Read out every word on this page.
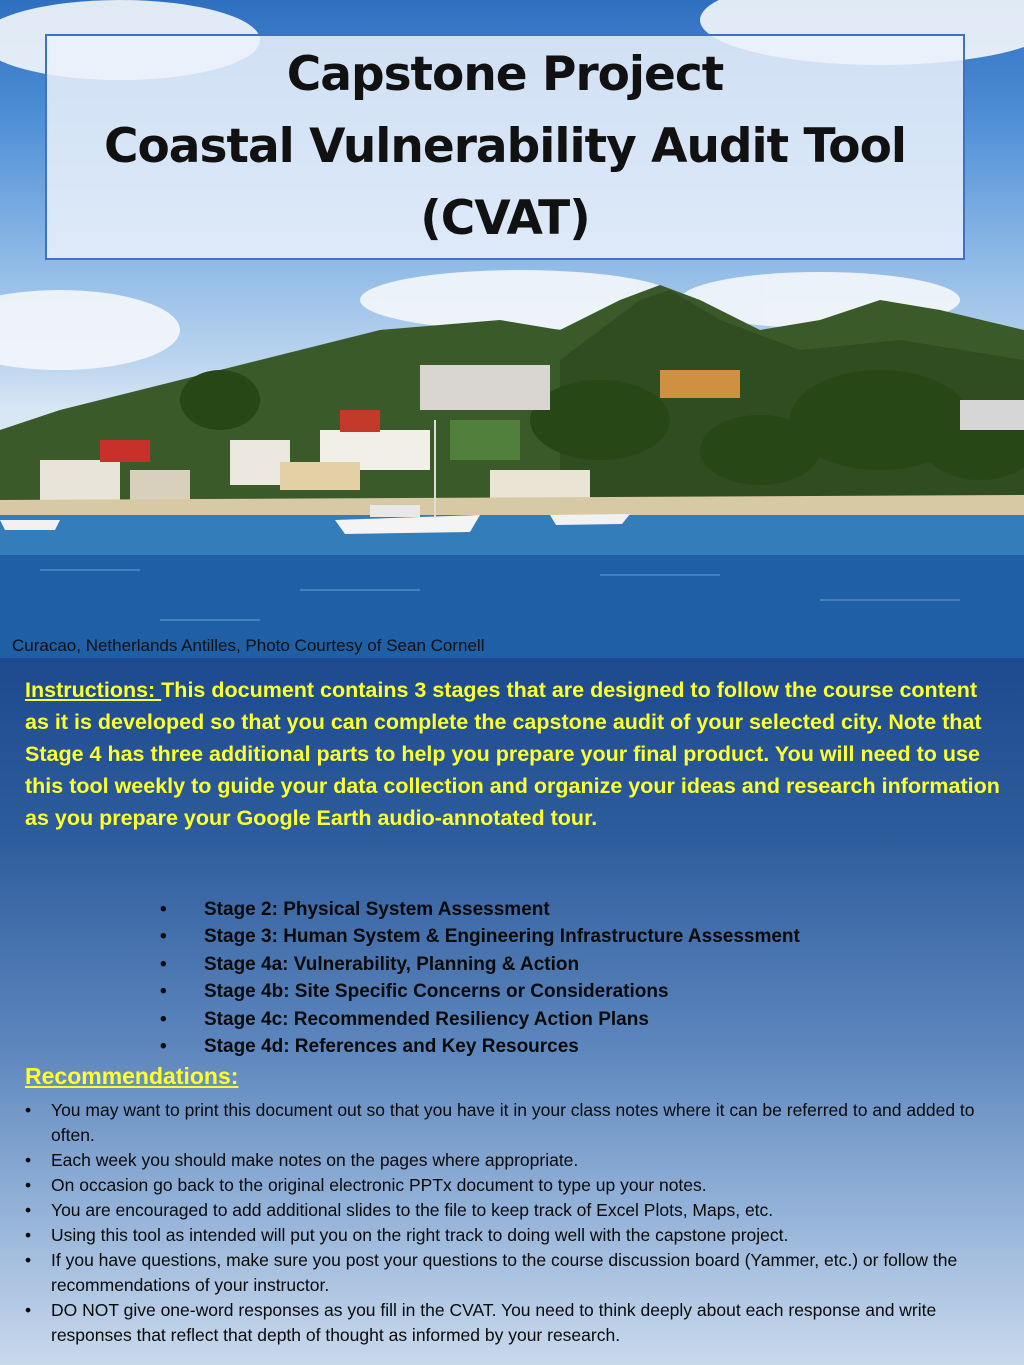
Capstone Project
Coastal Vulnerability Audit Tool
(CVAT)
Curacao, Netherlands Antilles, Photo Courtesy of Sean Cornell
Instructions: This document contains 3 stages that are designed to follow the course content as it is developed so that you can complete the capstone audit of your selected city. Note that Stage 4 has three additional parts to help you prepare your final product. You will need to use this tool weekly to guide your data collection and organize your ideas and research information as you prepare your Google Earth audio-annotated tour.
•	Stage 2: Physical System Assessment
•	Stage 3: Human System & Engineering Infrastructure Assessment
•	Stage 4a: Vulnerability, Planning & Action
•	Stage 4b: Site Specific Concerns or Considerations
•	Stage 4c: Recommended Resiliency Action Plans
•	Stage 4d: References and Key Resources
Recommendations:
•	You may want to print this document out so that you have it in your class notes where it can be referred to and added to often.
•	Each week you should make notes on the pages where appropriate.
•	On occasion go back to the original electronic PPTx document to type up your notes.
•	You are encouraged to add additional slides to the file to keep track of Excel Plots, Maps, etc.
•	Using this tool as intended will put you on the right track to doing well with the capstone project.
•	If you have questions, make sure you post your questions to the course discussion board (Yammer, etc.) or follow the recommendations of your instructor.
•	DO NOT give one-word responses as you fill in the CVAT. You need to think deeply about each response and write responses that reflect that depth of thought as informed by your research.
